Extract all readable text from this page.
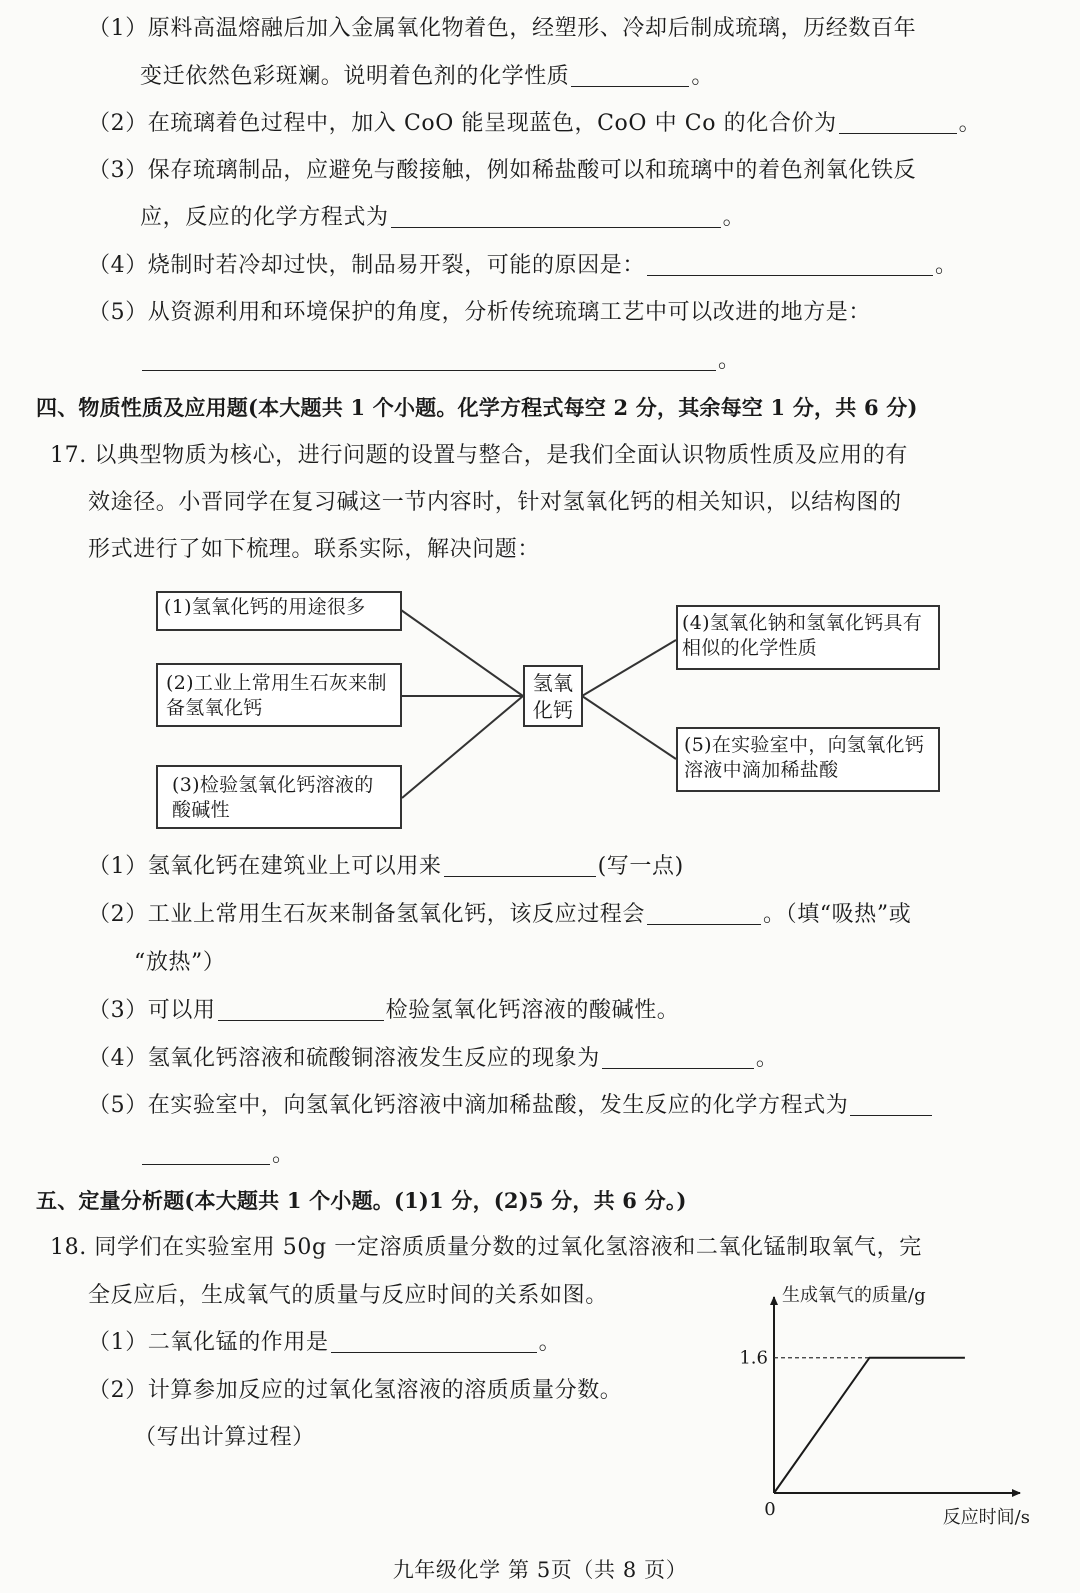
（1）原料高温熔融后加入金属氧化物着色，经塑形、冷却后制成琉璃，历经数百年
变迁依然色彩斑斓。说明着色剂的化学性质	。
（2）在琉璃着色过程中，加入 CoO 能呈现蓝色，CoO 中 Co 的化合价为	。
（3）保存琉璃制品，应避免与酸接触，例如稀盐酸可以和琉璃中的着色剂氧化铁反
应，反应的化学方程式为	。
（4）烧制时若冷却过快，制品易开裂，可能的原因是：	。
（5）从资源利用和环境保护的角度，分析传统琉璃工艺中可以改进的地方是：
。
四、物质性质及应用题(本大题共 1 个小题。化学方程式每空 2 分，其余每空 1 分，共 6 分)
17. 以典型物质为核心，进行问题的设置与整合，是我们全面认识物质性质及应用的有
效途径。小晋同学在复习碱这一节内容时，针对氢氧化钙的相关知识，以结构图的
形式进行了如下梳理。联系实际，解决问题：
(1)氢氧化钙的用途很多
(2)工业上常用生石灰来制备氢氧化钙
(3)检验氢氧化钙溶液的酸碱性
氢氧化钙
(4)氢氧化钠和氢氧化钙具有相似的化学性质
(5)在实验室中，向氢氧化钙溶液中滴加稀盐酸
（1）氢氧化钙在建筑业上可以用来	(写一点)
（2）工业上常用生石灰来制备氢氧化钙，该反应过程会	。（填“吸热”或
“放热”）
（3）可以用	检验氢氧化钙溶液的酸碱性。
（4）氢氧化钙溶液和硫酸铜溶液发生反应的现象为	。
（5）在实验室中，向氢氧化钙溶液中滴加稀盐酸，发生反应的化学方程式为
。
五、定量分析题(本大题共 1 个小题。(1)1 分，(2)5 分，共 6 分。)
18. 同学们在实验室用 50g 一定溶质质量分数的过氧化氢溶液和二氧化锰制取氧气，完
全反应后，生成氧气的质量与反应时间的关系如图。
（1）二氧化锰的作用是	。
（2）计算参加反应的过氧化氢溶液的溶质质量分数。
（写出计算过程）
生成氧气的质量/g
反应时间/s
0
1.6
九年级化学 第 5页（共 8 页）
